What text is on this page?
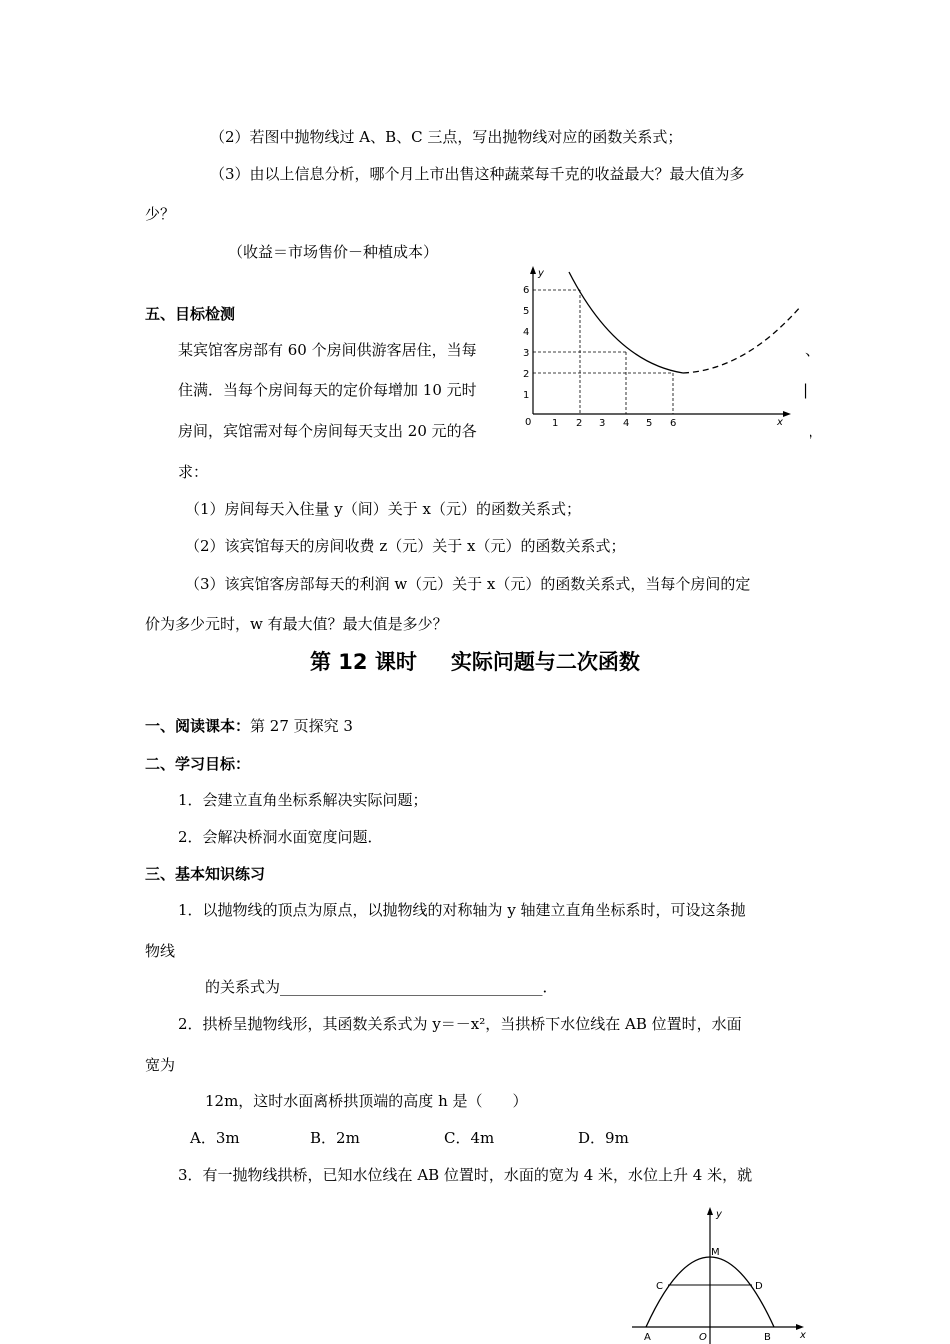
（2）若图中抛物线过 A、B、C 三点，写出抛物线对应的函数关系式；
（3）由以上信息分析，哪个月上市出售这种蔬菜每千克的收益最大？最大值为多
少？
（收益＝市场售价－种植成本）
五、目标检测
某宾馆客房部有 60 个房间供游客居住，当每
住满．当每个房间每天的定价每增加 10 元时
房间，宾馆需对每个房间每天支出 20 元的各
求：
，
y
x
0 1 2 3 4 5 6
1
2
3
4
5
6
、
|
（1）房间每天入住量 y（间）关于 x（元）的函数关系式；
（2）该宾馆每天的房间收费 z（元）关于 x（元）的函数关系式；
（3）该宾馆客房部每天的利润 w（元）关于 x（元）的函数关系式，当每个房间的定
价为多少元时，w 有最大值？最大值是多少？
第 12 课时 实际问题与二次函数
一、阅读课本：第 27 页探究 3
二、学习目标：
1．会建立直角坐标系解决实际问题；
2．会解决桥洞水面宽度问题．
三、基本知识练习
1．以抛物线的顶点为原点，以抛物线的对称轴为 y 轴建立直角坐标系时，可设这条抛
物线
的关系式为___________________________________．
2．拱桥呈抛物线形，其函数关系式为 y＝－x²，当拱桥下水位线在 AB 位置时，水面
宽为
12m，这时水面离桥拱顶端的高度 h 是（　　）
A．3m	B．2m	C．4m	D．9m
3．有一抛物线拱桥，已知水位线在 AB 位置时，水面的宽为 4 米，水位上升 4 米，就
y
x
M
C	D
A	B
O
